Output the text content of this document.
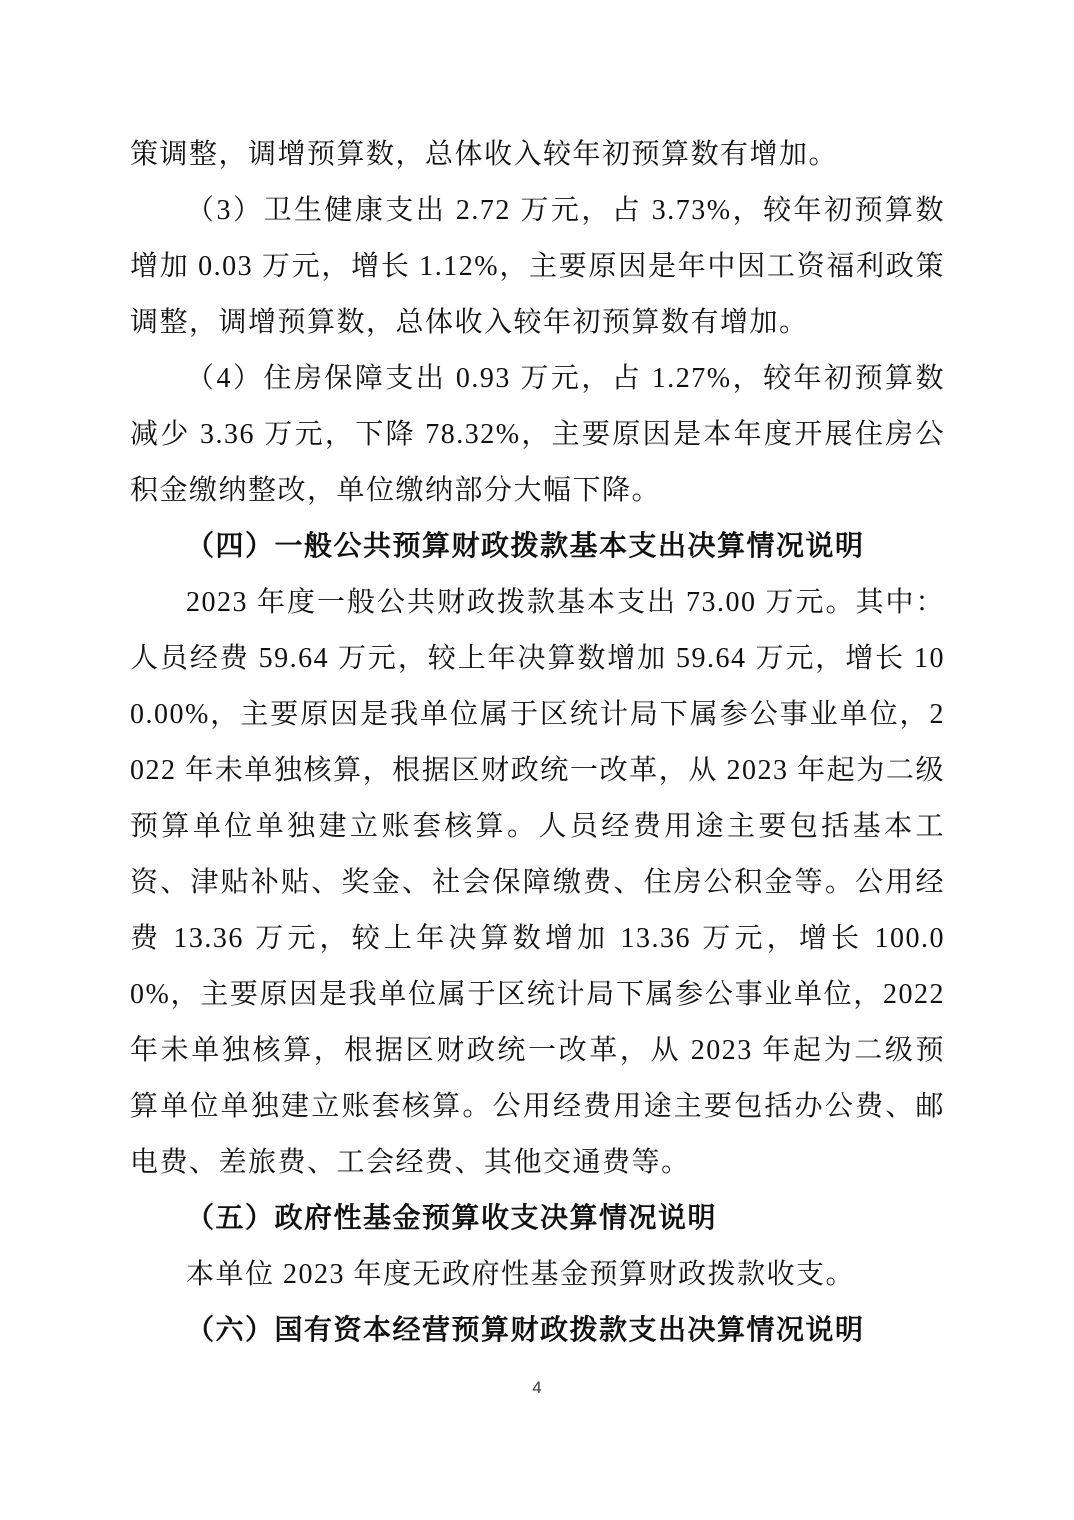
策调整，调增预算数，总体收入较年初预算数有增加。

（3）卫生健康支出 2.72 万元，占 3.73%，较年初预算数增加 0.03 万元，增长 1.12%，主要原因是年中因工资福利政策调整，调增预算数，总体收入较年初预算数有增加。

（4）住房保障支出 0.93 万元，占 1.27%，较年初预算数减少 3.36 万元，下降 78.32%，主要原因是本年度开展住房公积金缴纳整改，单位缴纳部分大幅下降。

（四）一般公共预算财政拨款基本支出决算情况说明

2023 年度一般公共财政拨款基本支出 73.00 万元。其中：人员经费 59.64 万元，较上年决算数增加 59.64 万元，增长 100.00%，主要原因是我单位属于区统计局下属参公事业单位，2022 年未单独核算，根据区财政统一改革，从 2023 年起为二级预算单位单独建立账套核算。人员经费用途主要包括基本工资、津贴补贴、奖金、社会保障缴费、住房公积金等。公用经费 13.36 万元，较上年决算数增加 13.36 万元，增长 100.00%，主要原因是我单位属于区统计局下属参公事业单位，2022 年未单独核算，根据区财政统一改革，从 2023 年起为二级预算单位单独建立账套核算。公用经费用途主要包括办公费、邮电费、差旅费、工会经费、其他交通费等。

（五）政府性基金预算收支决算情况说明

本单位 2023 年度无政府性基金预算财政拨款收支。

（六）国有资本经营预算财政拨款支出决算情况说明

4
